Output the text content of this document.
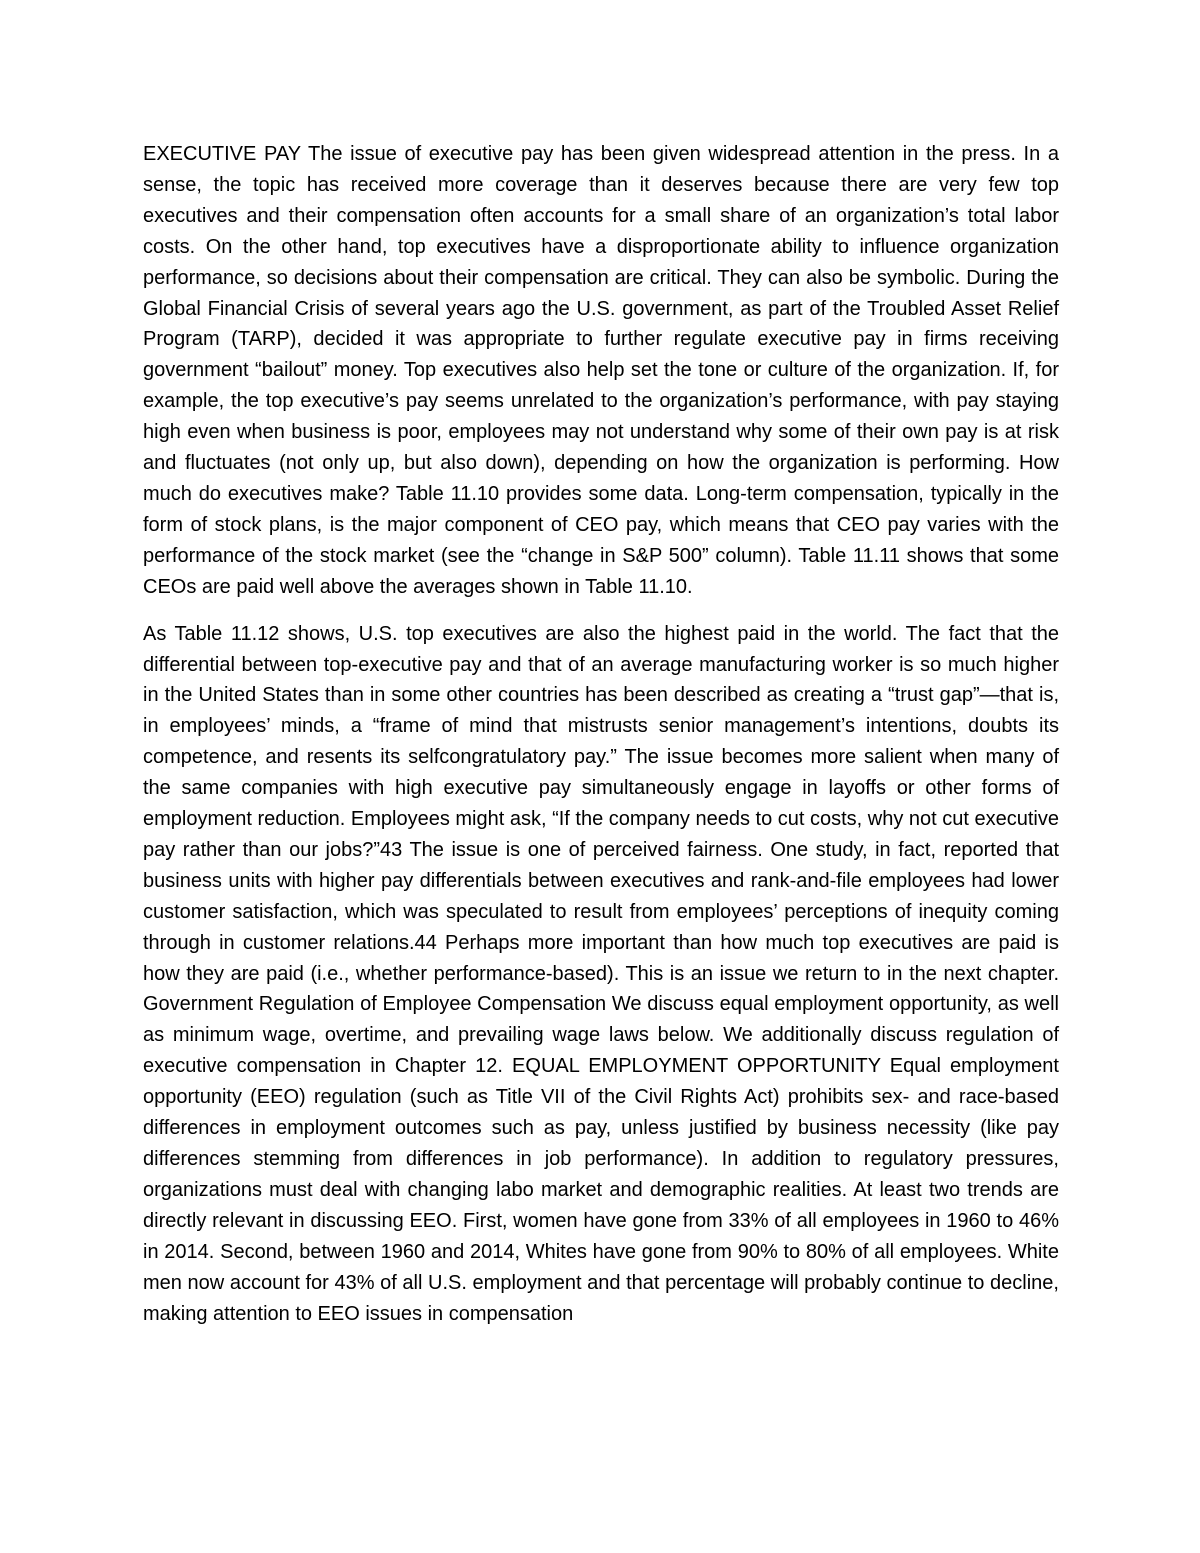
EXECUTIVE PAY The issue of executive pay has been given widespread attention in the press. In a sense, the topic has received more coverage than it deserves because there are very few top executives and their compensation often accounts for a small share of an organization’s total labor costs. On the other hand, top executives have a disproportionate ability to influence organization performance, so decisions about their compensation are critical. They can also be symbolic. During the Global Financial Crisis of several years ago the U.S. government, as part of the Troubled Asset Relief Program (TARP), decided it was appropriate to further regulate executive pay in firms receiving government “bailout” money. Top executives also help set the tone or culture of the organization. If, for example, the top executive’s pay seems unrelated to the organization’s performance, with pay staying high even when business is poor, employees may not understand why some of their own pay is at risk and fluctuates (not only up, but also down), depending on how the organization is performing. How much do executives make? Table 11.10 provides some data. Long-term compensation, typically in the form of stock plans, is the major component of CEO pay, which means that CEO pay varies with the performance of the stock market (see the “change in S&P 500” column). Table 11.11 shows that some CEOs are paid well above the averages shown in Table 11.10.

As Table 11.12 shows, U.S. top executives are also the highest paid in the world. The fact that the differential between top-executive pay and that of an average manufacturing worker is so much higher in the United States than in some other countries has been described as creating a “trust gap”—that is, in employees’ minds, a “frame of mind that mistrusts senior management’s intentions, doubts its competence, and resents its selfcongratulatory pay.” The issue becomes more salient when many of the same companies with high executive pay simultaneously engage in layoffs or other forms of employment reduction. Employees might ask, “If the company needs to cut costs, why not cut executive pay rather than our jobs?”43 The issue is one of perceived fairness. One study, in fact, reported that business units with higher pay differentials between executives and rank-and-file employees had lower customer satisfaction, which was speculated to result from employees’ perceptions of inequity coming through in customer relations.44 Perhaps more important than how much top executives are paid is how they are paid (i.e., whether performance-based). This is an issue we return to in the next chapter. Government Regulation of Employee Compensation We discuss equal employment opportunity, as well as minimum wage, overtime, and prevailing wage laws below. We additionally discuss regulation of executive compensation in Chapter 12. EQUAL EMPLOYMENT OPPORTUNITY Equal employment opportunity (EEO) regulation (such as Title VII of the Civil Rights Act) prohibits sex- and race-based differences in employment outcomes such as pay, unless justified by business necessity (like pay differences stemming from differences in job performance). In addition to regulatory pressures, organizations must deal with changing labo market and demographic realities. At least two trends are directly relevant in discussing EEO. First, women have gone from 33% of all employees in 1960 to 46% in 2014. Second, between 1960 and 2014, Whites have gone from 90% to 80% of all employees. White men now account for 43% of all U.S. employment and that percentage will probably continue to decline, making attention to EEO issues in compensation
